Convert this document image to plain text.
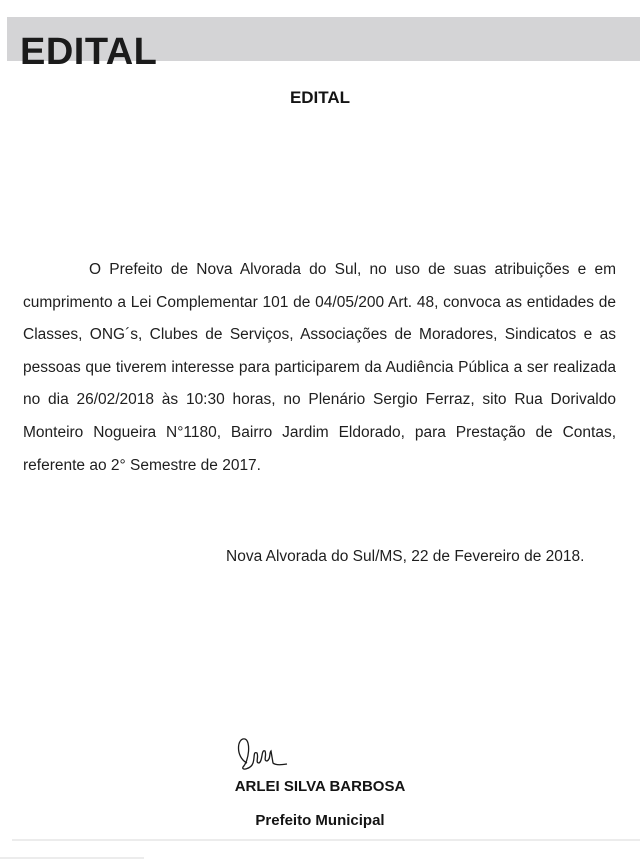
EDITAL
EDITAL
O Prefeito de Nova Alvorada do Sul, no uso de suas atribuições e em cumprimento a Lei Complementar 101 de 04/05/200 Art. 48, convoca as entidades de Classes, ONG´s, Clubes de Serviços, Associações de Moradores, Sindicatos e as pessoas que tiverem interesse para participarem da Audiência Pública a ser realizada no dia 26/02/2018 às 10:30 horas, no Plenário Sergio Ferraz, sito Rua Dorivaldo Monteiro Nogueira N°1180, Bairro Jardim Eldorado, para Prestação de Contas, referente ao 2° Semestre de 2017.
Nova Alvorada do Sul/MS, 22 de Fevereiro de 2018.
ARLEI SILVA BARBOSA
Prefeito Municipal
